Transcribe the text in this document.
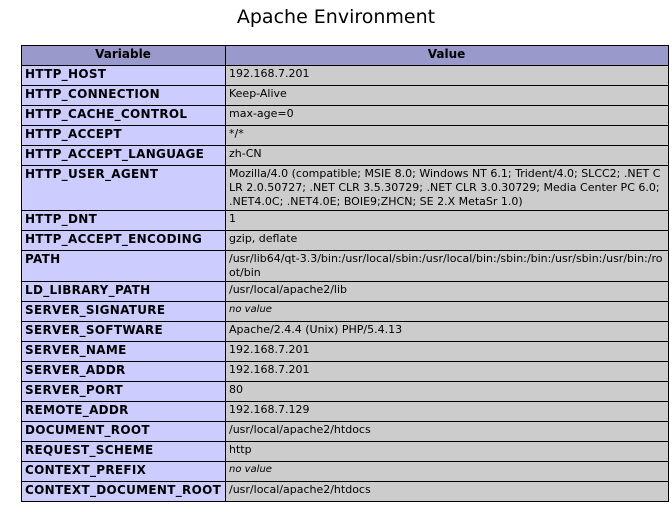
Apache Environment
Variable	Value
HTTP_HOST	192.168.7.201
HTTP_CONNECTION	Keep-Alive
HTTP_CACHE_CONTROL	max-age=0
HTTP_ACCEPT	*/*
HTTP_ACCEPT_LANGUAGE	zh-CN
HTTP_USER_AGENT	Mozilla/4.0 (compatible; MSIE 8.0; Windows NT 6.1; Trident/4.0; SLCC2; .NET CLR 2.0.50727; .NET CLR 3.5.30729; .NET CLR 3.0.30729; Media Center PC 6.0; .NET4.0C; .NET4.0E; BOIE9;ZHCN; SE 2.X MetaSr 1.0)
HTTP_DNT	1
HTTP_ACCEPT_ENCODING	gzip, deflate
PATH	/usr/lib64/qt-3.3/bin:/usr/local/sbin:/usr/local/bin:/sbin:/bin:/usr/sbin:/usr/bin:/root/bin
LD_LIBRARY_PATH	/usr/local/apache2/lib
SERVER_SIGNATURE	no value
SERVER_SOFTWARE	Apache/2.4.4 (Unix) PHP/5.4.13
SERVER_NAME	192.168.7.201
SERVER_ADDR	192.168.7.201
SERVER_PORT	80
REMOTE_ADDR	192.168.7.129
DOCUMENT_ROOT	/usr/local/apache2/htdocs
REQUEST_SCHEME	http
CONTEXT_PREFIX	no value
CONTEXT_DOCUMENT_ROOT	/usr/local/apache2/htdocs
